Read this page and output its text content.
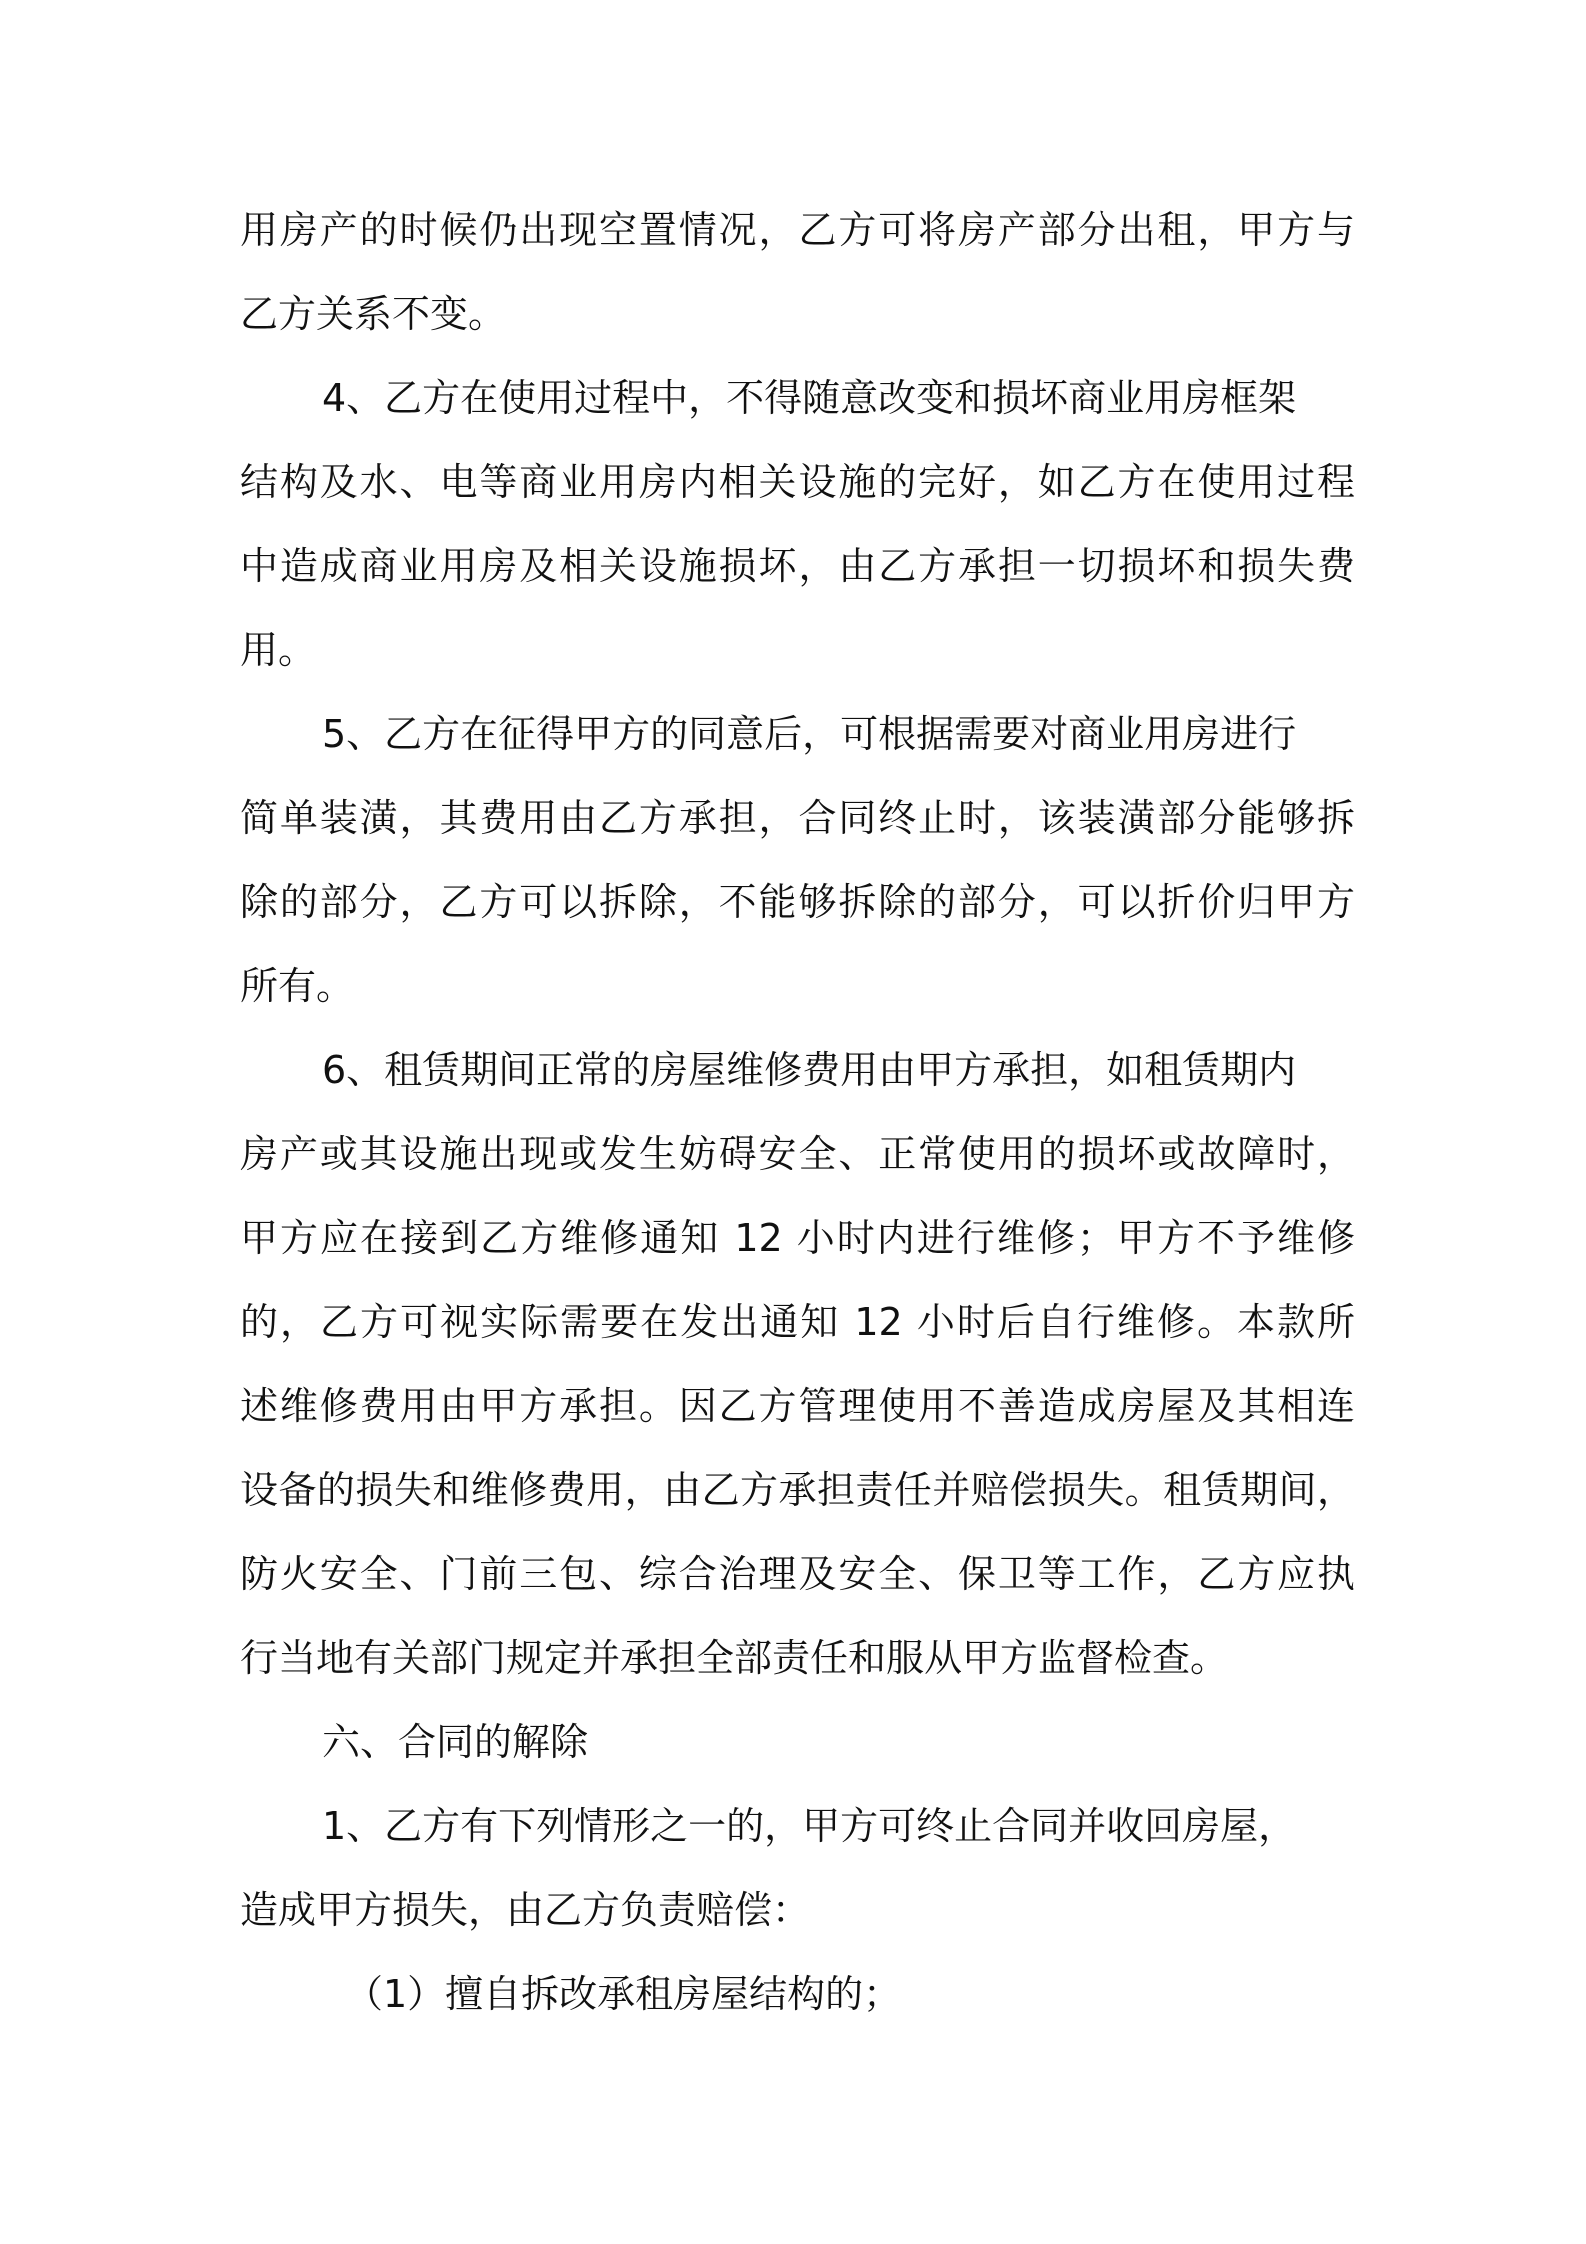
用房产的时候仍出现空置情况，乙方可将房产部分出租，甲方与
乙方关系不变。
4、乙方在使用过程中，不得随意改变和损坏商业用房框架
结构及水、电等商业用房内相关设施的完好，如乙方在使用过程
中造成商业用房及相关设施损坏，由乙方承担一切损坏和损失费
用。
5、乙方在征得甲方的同意后，可根据需要对商业用房进行
简单装潢，其费用由乙方承担，合同终止时，该装潢部分能够拆
除的部分，乙方可以拆除，不能够拆除的部分，可以折价归甲方
所有。
6、租赁期间正常的房屋维修费用由甲方承担，如租赁期内
房产或其设施出现或发生妨碍安全、正常使用的损坏或故障时，
甲方应在接到乙方维修通知 12 小时内进行维修；甲方不予维修
的，乙方可视实际需要在发出通知 12 小时后自行维修。本款所
述维修费用由甲方承担。因乙方管理使用不善造成房屋及其相连
设备的损失和维修费用，由乙方承担责任并赔偿损失。租赁期间，
防火安全、门前三包、综合治理及安全、保卫等工作，乙方应执
行当地有关部门规定并承担全部责任和服从甲方监督检查。
六、合同的解除
1、乙方有下列情形之一的，甲方可终止合同并收回房屋，
造成甲方损失，由乙方负责赔偿：
（1）擅自拆改承租房屋结构的；
